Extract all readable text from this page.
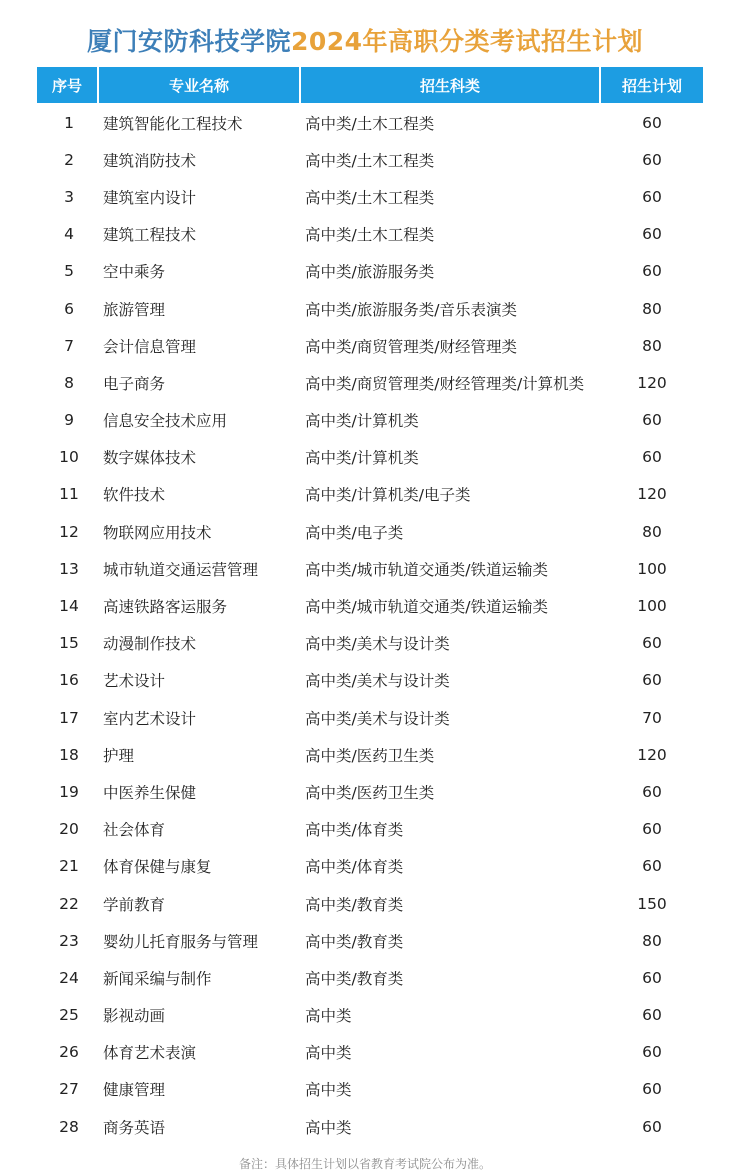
厦门安防科技学院2024年高职分类考试招生计划
序号	专业名称	招生科类	招生计划
1	建筑智能化工程技术	高中类/土木工程类	60
2	建筑消防技术	高中类/土木工程类	60
3	建筑室内设计	高中类/土木工程类	60
4	建筑工程技术	高中类/土木工程类	60
5	空中乘务	高中类/旅游服务类	60
6	旅游管理	高中类/旅游服务类/音乐表演类	80
7	会计信息管理	高中类/商贸管理类/财经管理类	80
8	电子商务	高中类/商贸管理类/财经管理类/计算机类	120
9	信息安全技术应用	高中类/计算机类	60
10	数字媒体技术	高中类/计算机类	60
11	软件技术	高中类/计算机类/电子类	120
12	物联网应用技术	高中类/电子类	80
13	城市轨道交通运营管理	高中类/城市轨道交通类/铁道运输类	100
14	高速铁路客运服务	高中类/城市轨道交通类/铁道运输类	100
15	动漫制作技术	高中类/美术与设计类	60
16	艺术设计	高中类/美术与设计类	60
17	室内艺术设计	高中类/美术与设计类	70
18	护理	高中类/医药卫生类	120
19	中医养生保健	高中类/医药卫生类	60
20	社会体育	高中类/体育类	60
21	体育保健与康复	高中类/体育类	60
22	学前教育	高中类/教育类	150
23	婴幼儿托育服务与管理	高中类/教育类	80
24	新闻采编与制作	高中类/教育类	60
25	影视动画	高中类	60
26	体育艺术表演	高中类	60
27	健康管理	高中类	60
28	商务英语	高中类	60
备注：具体招生计划以省教育考试院公布为准。
